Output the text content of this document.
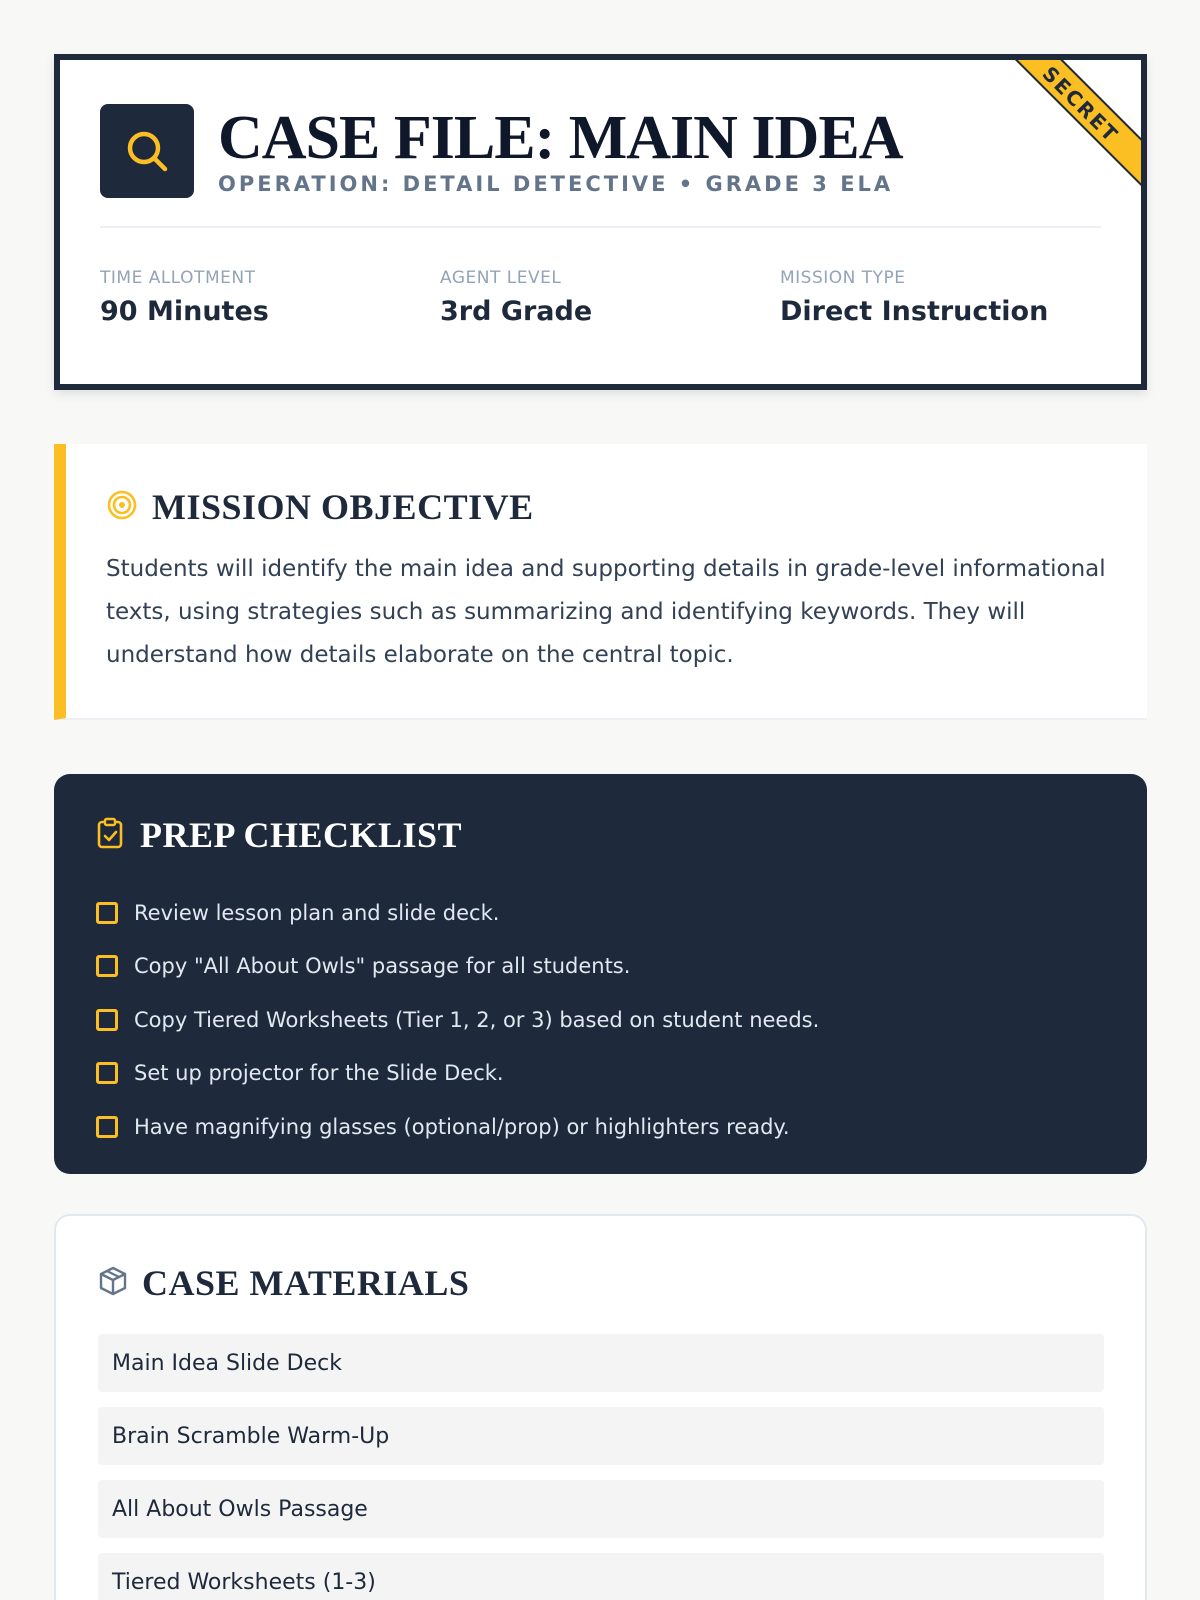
SECRET
CASE FILE: MAIN IDEA
OPERATION: DETAIL DETECTIVE • GRADE 3 ELA
TIME ALLOTMENT
90 Minutes
AGENT LEVEL
3rd Grade
MISSION TYPE
Direct Instruction
MISSION OBJECTIVE

Students will identify the main idea and supporting details in grade-level informational texts, using strategies such as summarizing and identifying keywords. They will understand how details elaborate on the central topic.

PREP CHECKLIST
Review lesson plan and slide deck.
Copy "All About Owls" passage for all students.
Copy Tiered Worksheets (Tier 1, 2, or 3) based on student needs.
Set up projector for the Slide Deck.
Have magnifying glasses (optional/prop) or highlighters ready.
CASE MATERIALS
Main Idea Slide Deck
Brain Scramble Warm-Up
All About Owls Passage
Tiered Worksheets (1-3)
